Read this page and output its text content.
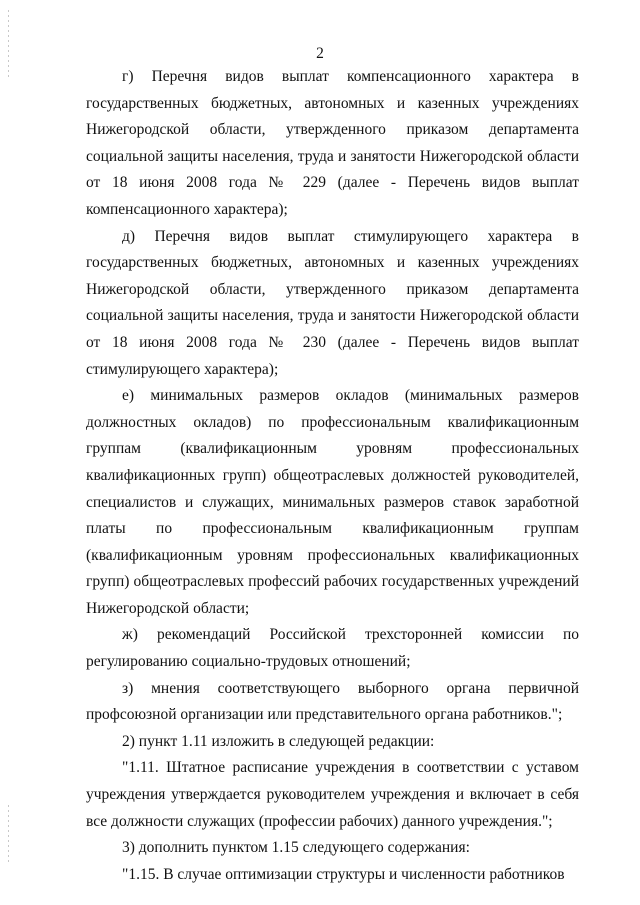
2

г) Перечня видов выплат компенсационного характера в государственных бюджетных, автономных и казенных учреждениях Нижегородской области, утвержденного приказом департамента социальной защиты населения, труда и занятости Нижегородской области от 18 июня 2008 года № 229 (далее - Перечень видов выплат компенсационного характера);

д) Перечня видов выплат стимулирующего характера в государственных бюджетных, автономных и казенных учреждениях Нижегородской области, утвержденного приказом департамента социальной защиты населения, труда и занятости Нижегородской области от 18 июня 2008 года № 230 (далее - Перечень видов выплат стимулирующего характера);

е) минимальных размеров окладов (минимальных размеров должностных окладов) по профессиональным квалификационным группам (квалификационным уровням профессиональных квалификационных групп) общеотраслевых должностей руководителей, специалистов и служащих, минимальных размеров ставок заработной платы по профессиональным квалификационным группам (квалификационным уровням профессиональных квалификационных групп) общеотраслевых профессий рабочих государственных учреждений Нижегородской области;

ж) рекомендаций Российской трехсторонней комиссии по регулированию социально-трудовых отношений;

з) мнения соответствующего выборного органа первичной профсоюзной организации или представительного органа работников.";

2) пункт 1.11 изложить в следующей редакции:

"1.11. Штатное расписание учреждения в соответствии с уставом учреждения утверждается руководителем учреждения и включает в себя все должности служащих (профессии рабочих) данного учреждения.";

3) дополнить пунктом 1.15 следующего содержания:

"1.15. В случае оптимизации структуры и численности работников
